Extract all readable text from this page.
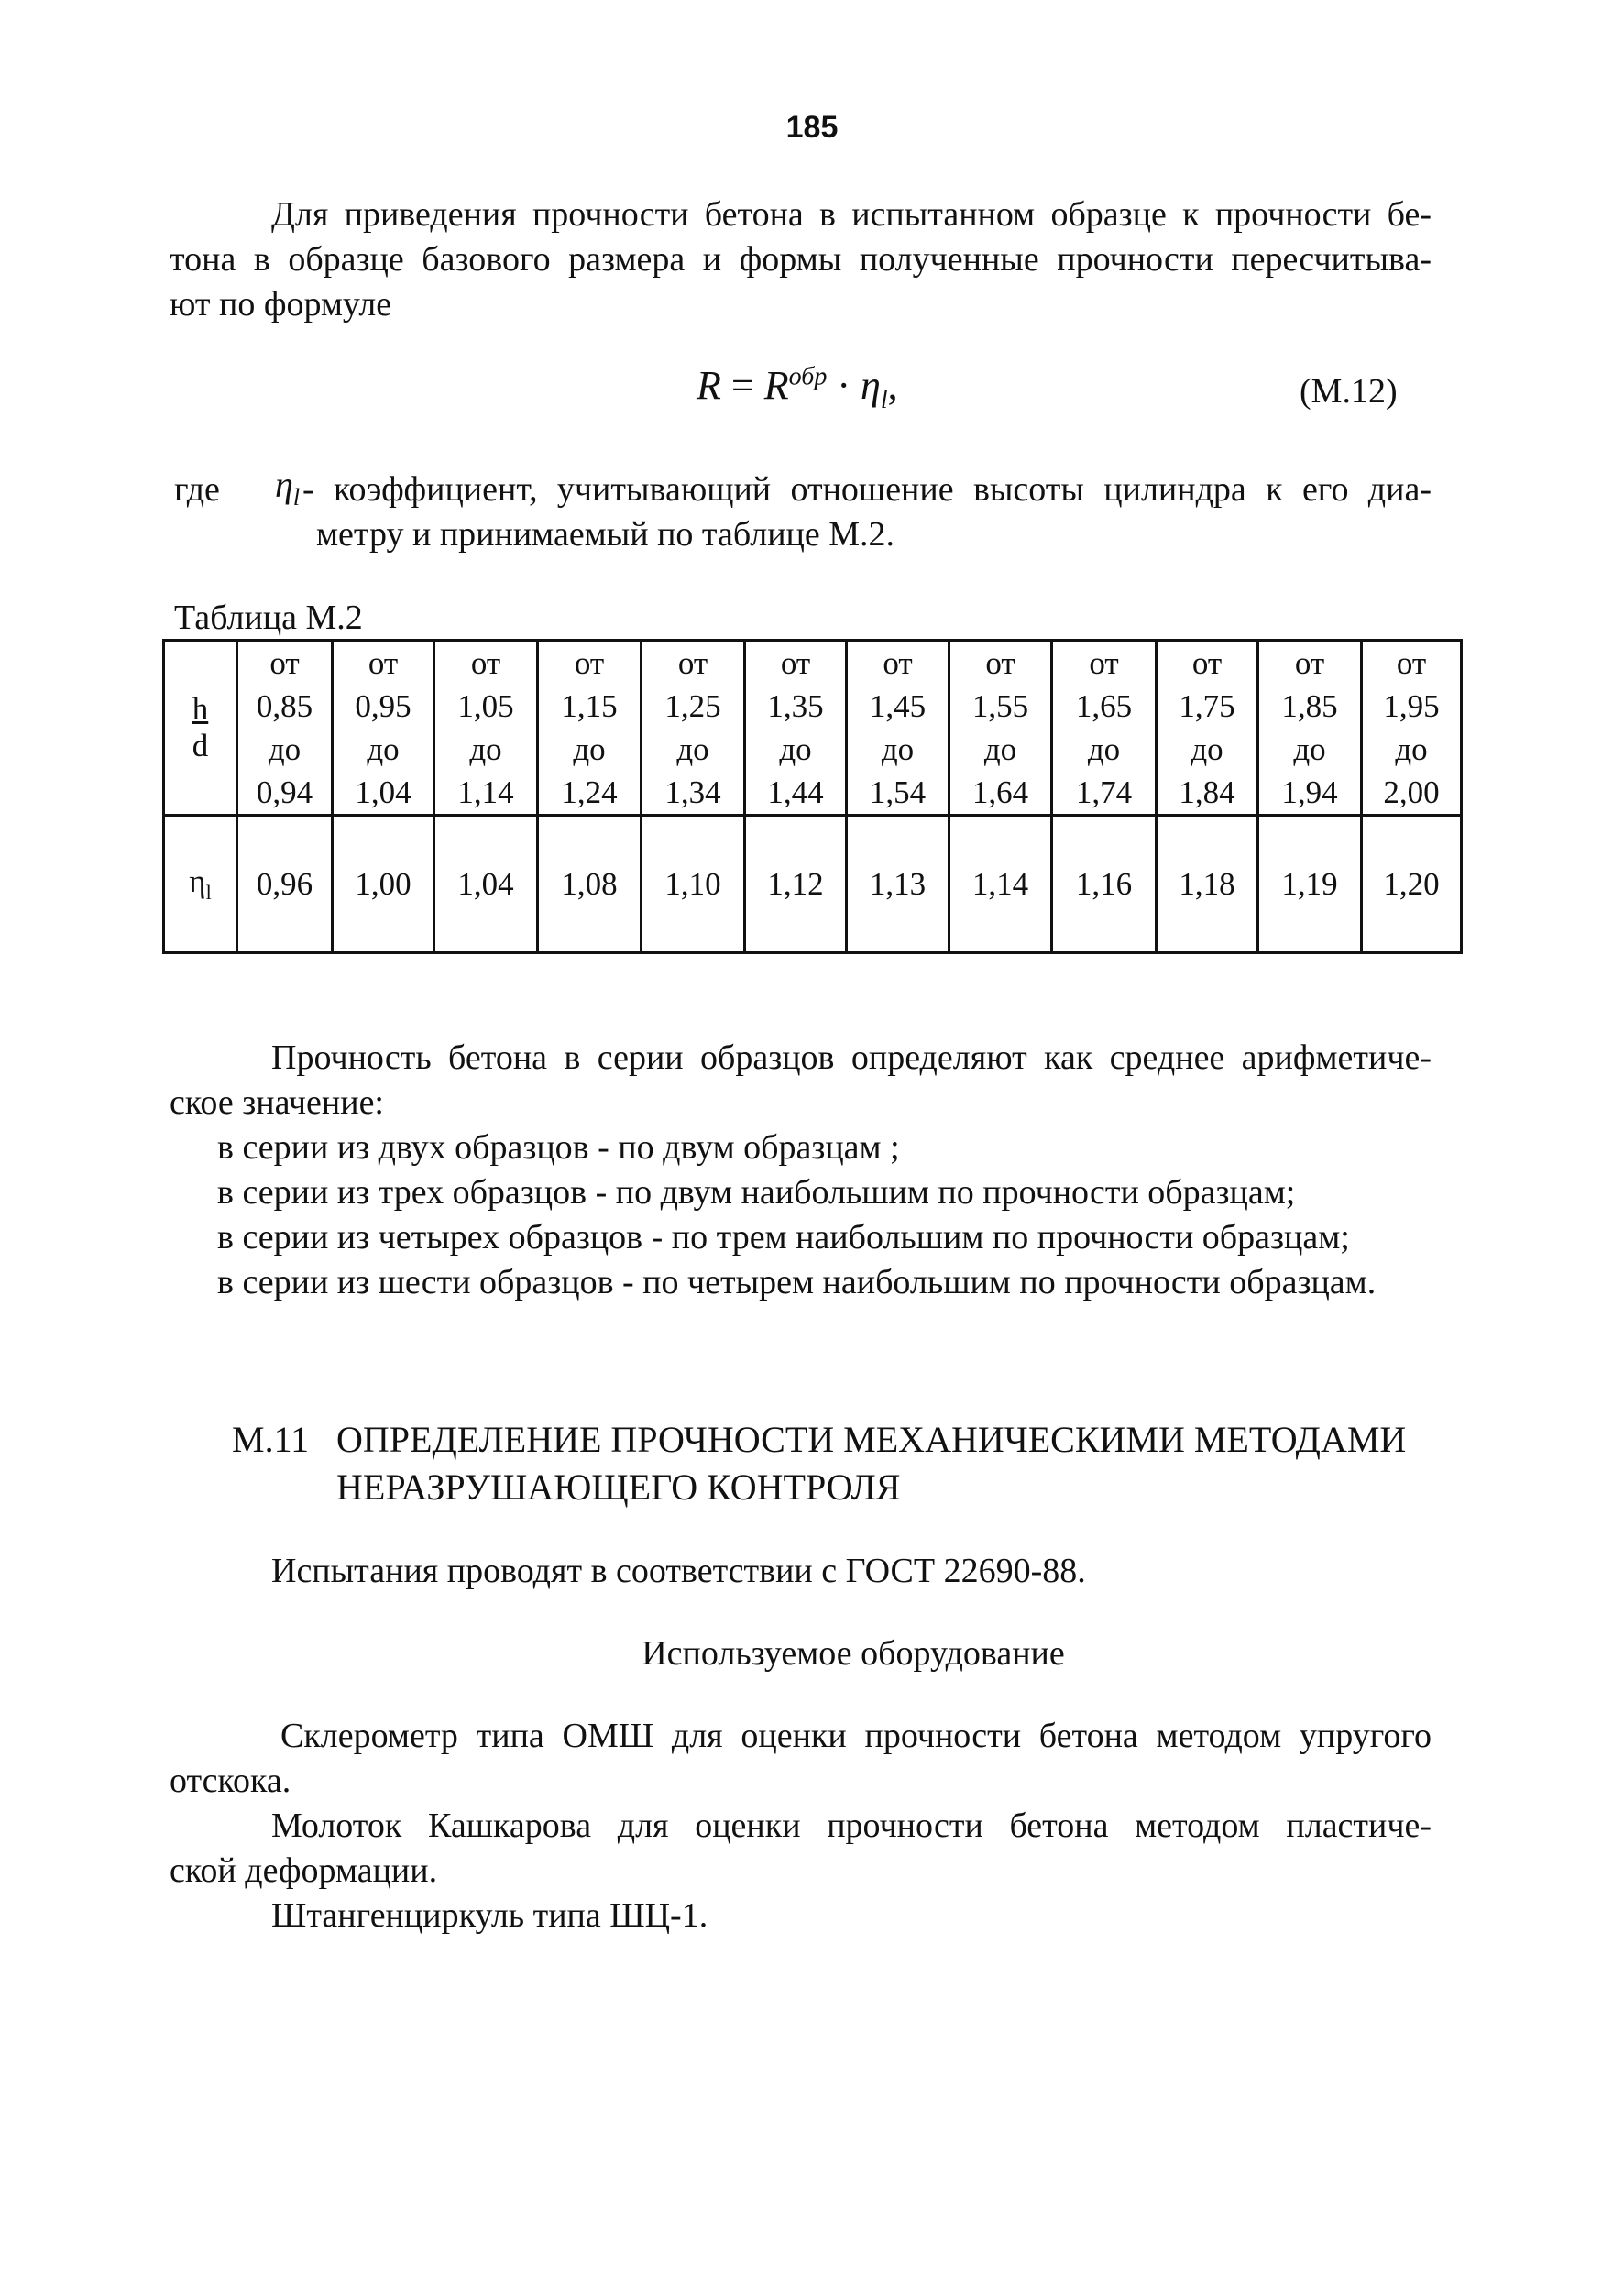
185
Для приведения прочности бетона в испытанном образце к прочности бе-
тона в образце базового размера и формы полученные прочности пересчитыва-
ют по формуле
$R = R^{обр} \cdot \eta_l$,	(М.12)
где $\eta_l$ - коэффициент, учитывающий отношение высоты цилиндра к его диа-
метру и принимаемый по таблице М.2.
Таблица М.2
h
d	от
0,85
до
0,94	от
0,95
до
1,04	от
1,05
до
1,14	от
1,15
до
1,24	от
1,25
до
1,34	от
1,35
до
1,44	от
1,45
до
1,54	от
1,55
до
1,64	от
1,65
до
1,74	от
1,75
до
1,84	от
1,85
до
1,94	от
1,95
до
2,00

$\eta_l$	0,96	1,00	1,04	1,08	1,10	1,12	1,13	1,14	1,16	1,18	1,19	1,20
Прочность бетона в серии образцов определяют как среднее арифметиче-
ское значение:
в серии из двух образцов - по двум образцам ;
в серии из трех образцов - по двум наибольшим по прочности образцам;
в серии из четырех образцов - по трем наибольшим по прочности образцам;
в серии из шести образцов - по четырем наибольшим по прочности образцам.
М.11 ОПРЕДЕЛЕНИЕ ПРОЧНОСТИ МЕХАНИЧЕСКИМИ МЕТОДАМИ
НЕРАЗРУШАЮЩЕГО КОНТРОЛЯ
Испытания проводят в соответствии с ГОСТ 22690-88.
Используемое оборудование
Склерометр типа ОМШ для оценки прочности бетона методом упругого
отскока.
Молоток Кашкарова для оценки прочности бетона методом пластиче-
ской деформации.
Штангенциркуль типа ШЦ-1.
